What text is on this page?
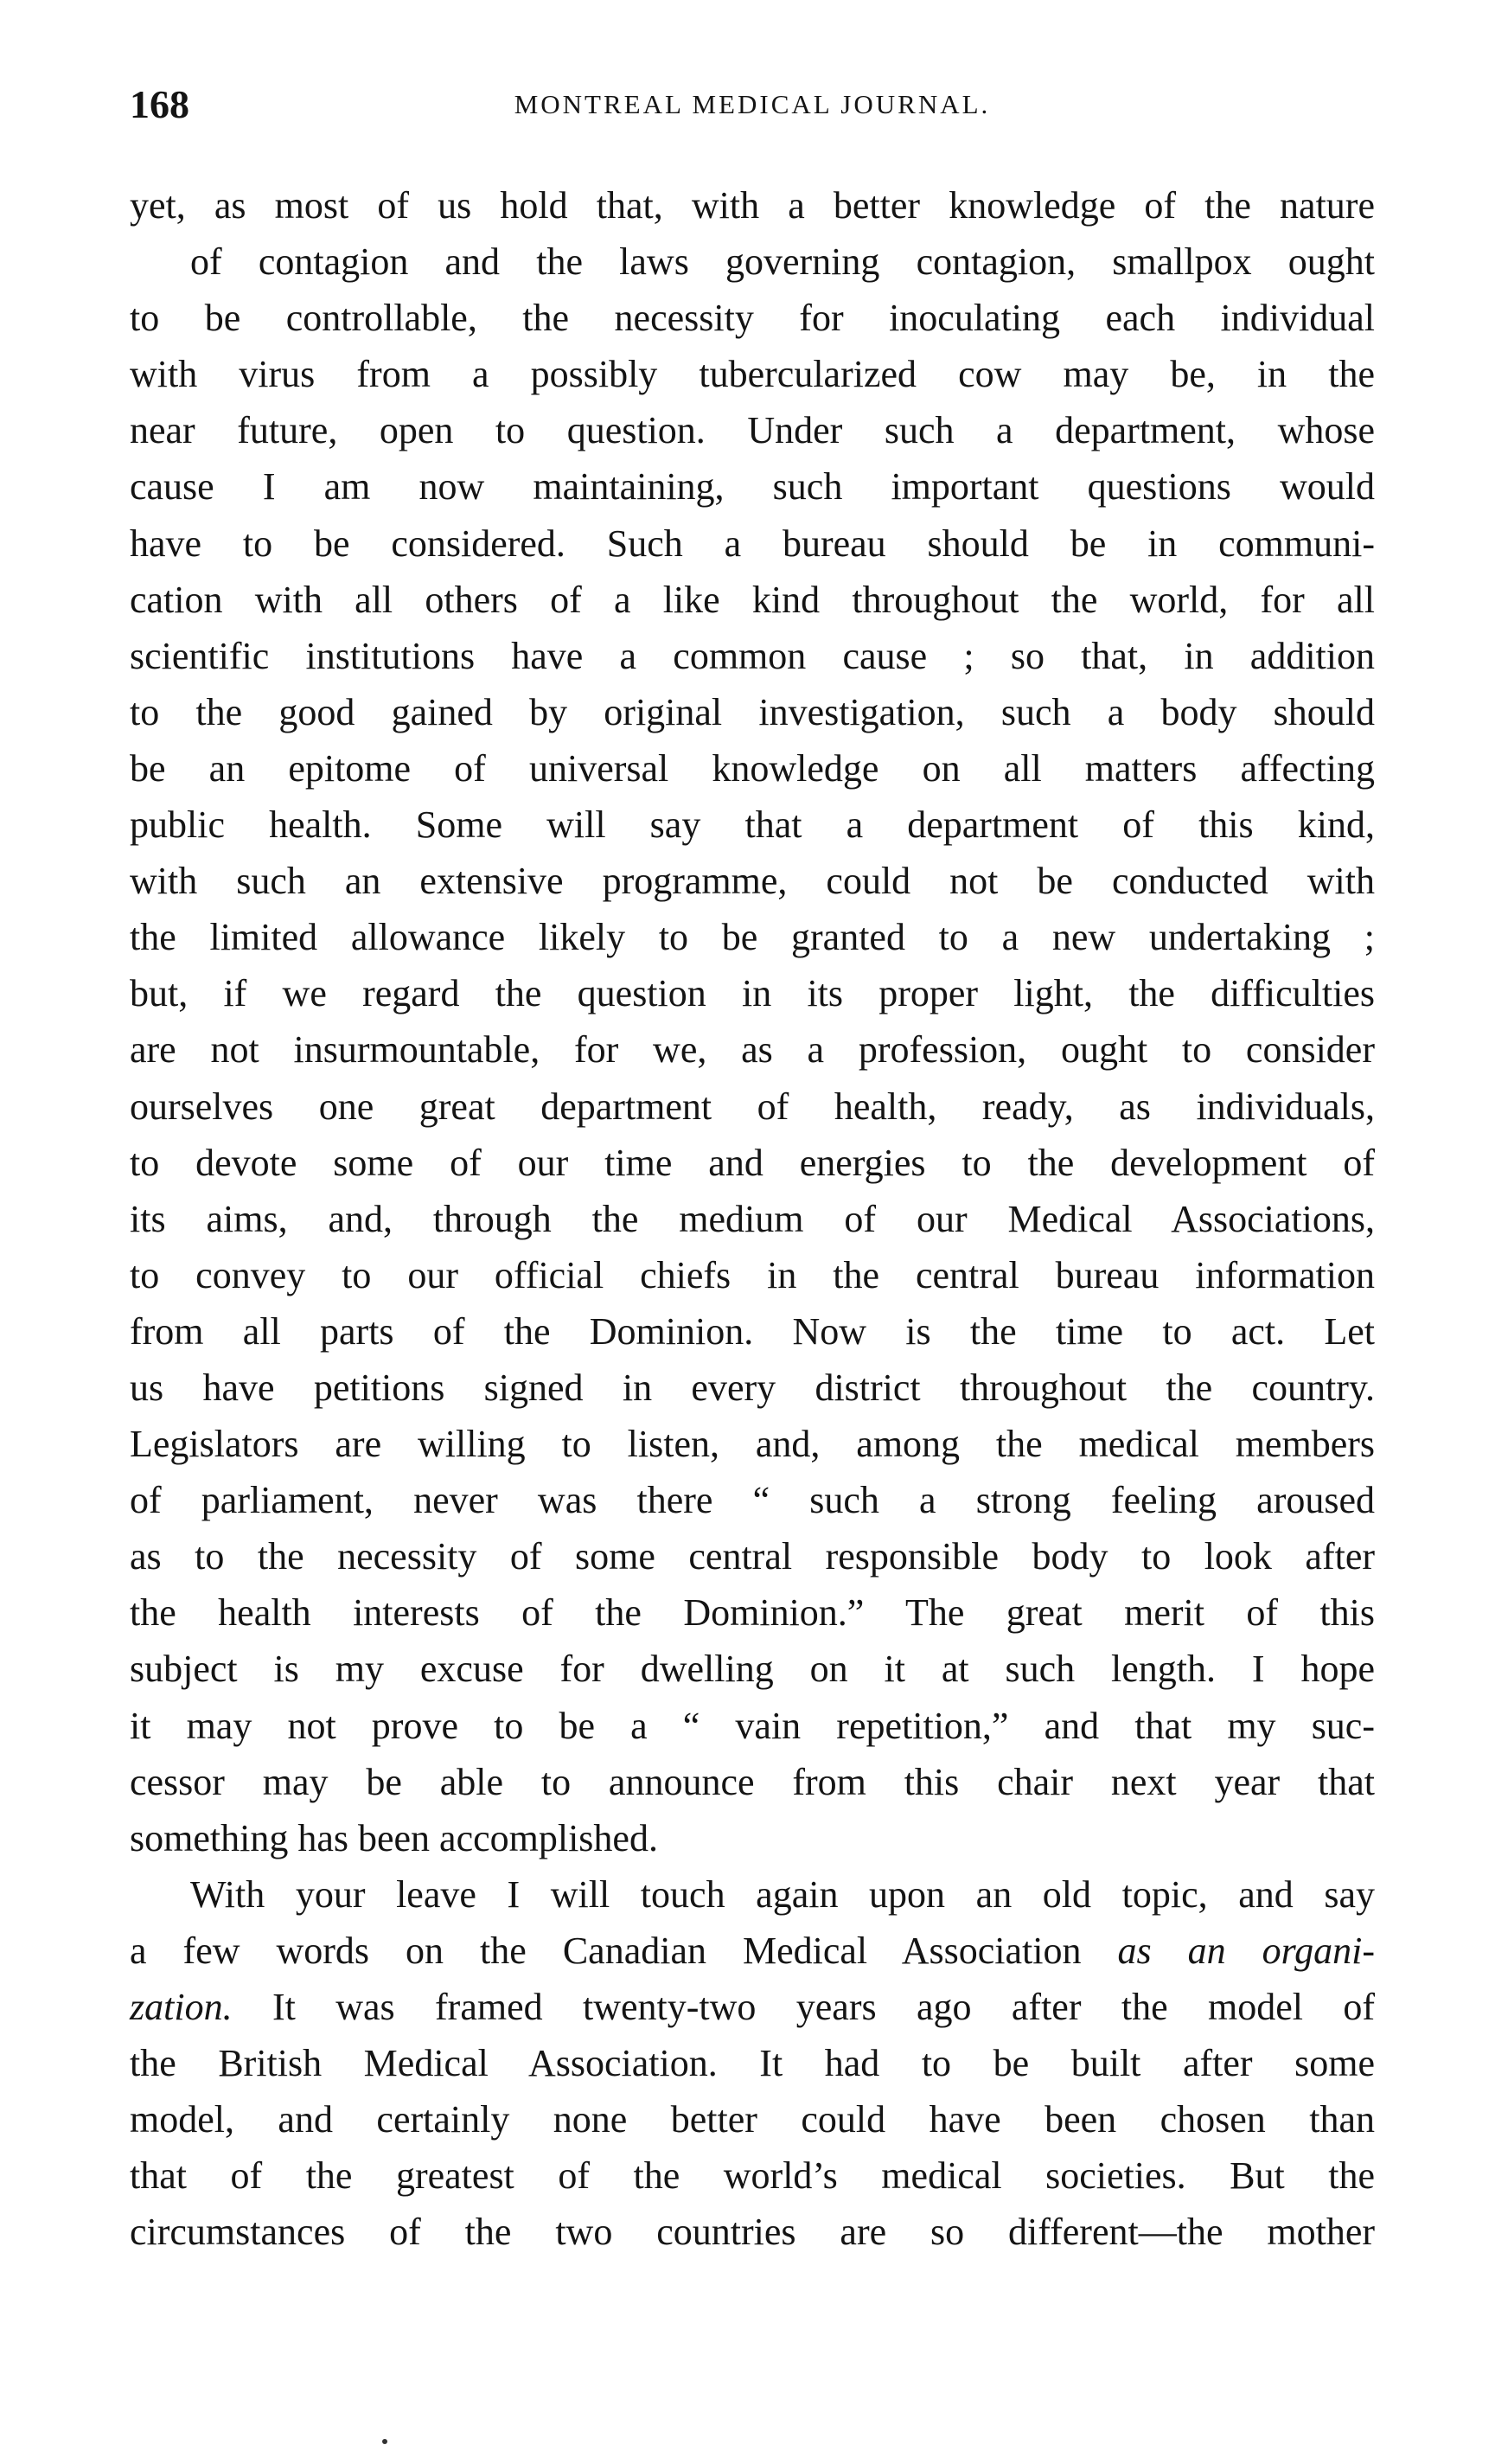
168	MONTREAL MEDICAL JOURNAL.

yet, as most of us hold that, with a better knowledge of the nature
of contagion and the laws governing contagion, smallpox ought
to be controllable, the necessity for inoculating each individual
with virus from a possibly tubercularized cow may be, in the
near future, open to question. Under such a department, whose
cause I am now maintaining, such important questions would
have to be considered. Such a bureau should be in communi-
cation with all others of a like kind throughout the world, for all
scientific institutions have a common cause ; so that, in addition
to the good gained by original investigation, such a body should
be an epitome of universal knowledge on all matters affecting
public health. Some will say that a department of this kind,
with such an extensive programme, could not be conducted with
the limited allowance likely to be granted to a new undertaking ;
but, if we regard the question in its proper light, the difficulties
are not insurmountable, for we, as a profession, ought to consider
ourselves one great department of health, ready, as individuals,
to devote some of our time and energies to the development of
its aims, and, through the medium of our Medical Associations,
to convey to our official chiefs in the central bureau information
from all parts of the Dominion. Now is the time to act. Let
us have petitions signed in every district throughout the country.
Legislators are willing to listen, and, among the medical members
of parliament, never was there “ such a strong feeling aroused
as to the necessity of some central responsible body to look after
the health interests of the Dominion.” The great merit of this
subject is my excuse for dwelling on it at such length. I hope
it may not prove to be a “ vain repetition,” and that my suc-
cessor may be able to announce from this chair next year that
something has been accomplished.

With your leave I will touch again upon an old topic, and say
a few words on the Canadian Medical Association as an organi-
zation. It was framed twenty-two years ago after the model of
the British Medical Association. It had to be built after some
model, and certainly none better could have been chosen than
that of the greatest of the world’s medical societies. But the
circumstances of the two countries are so different—the mother
